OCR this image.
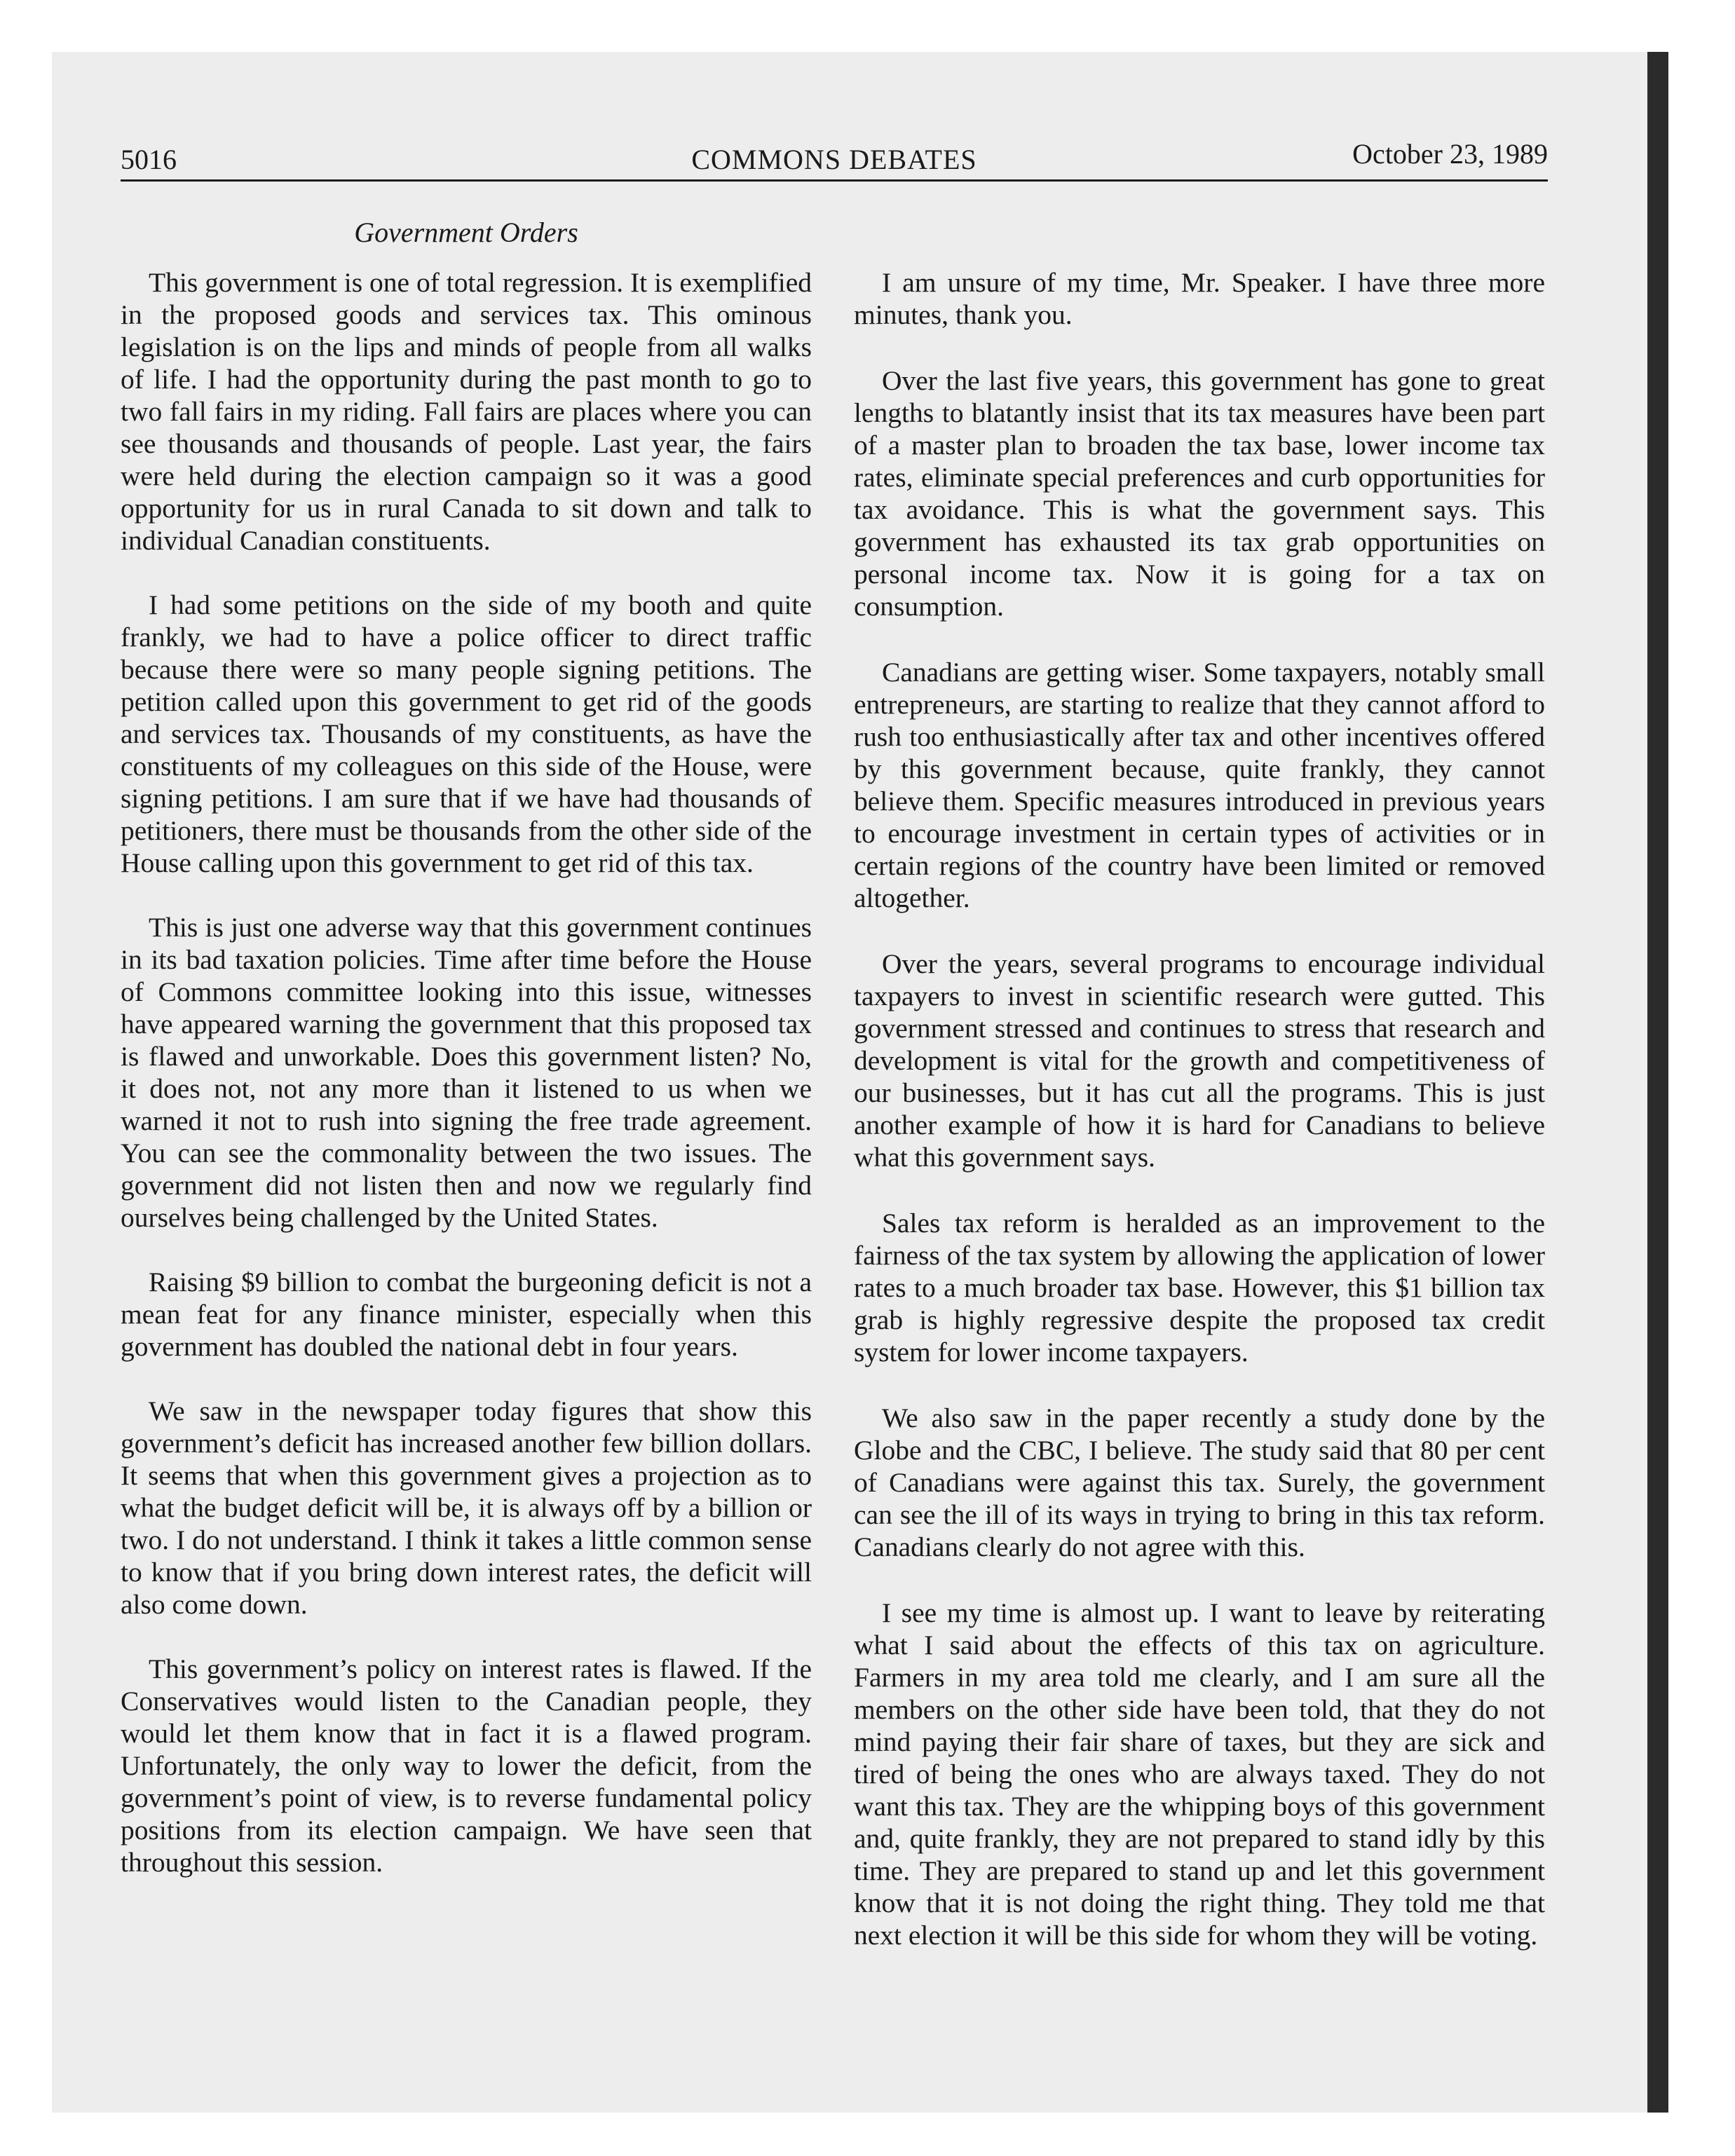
5016	COMMONS DEBATES	October 23, 1989
Government Orders

This government is one of total regression. It is exemplified in the proposed goods and services tax. This ominous legislation is on the lips and minds of people from all walks of life. I had the opportunity during the past month to go to two fall fairs in my riding. Fall fairs are places where you can see thousands and thousands of people. Last year, the fairs were held during the election campaign so it was a good opportunity for us in rural Canada to sit down and talk to individual Canadian constituents.

I had some petitions on the side of my booth and quite frankly, we had to have a police officer to direct traffic because there were so many people signing petitions. The petition called upon this government to get rid of the goods and services tax. Thousands of my constituents, as have the constituents of my colleagues on this side of the House, were signing petitions. I am sure that if we have had thousands of petitioners, there must be thousands from the other side of the House calling upon this government to get rid of this tax.

This is just one adverse way that this government continues in its bad taxation policies. Time after time before the House of Commons committee looking into this issue, witnesses have appeared warning the government that this proposed tax is flawed and unworkable. Does this government listen? No, it does not, not any more than it listened to us when we warned it not to rush into signing the free trade agreement. You can see the commonality between the two issues. The government did not listen then and now we regularly find ourselves being challenged by the United States.

Raising $9 billion to combat the burgeoning deficit is not a mean feat for any finance minister, especially when this government has doubled the national debt in four years.

We saw in the newspaper today figures that show this government’s deficit has increased another few billion dollars. It seems that when this government gives a projection as to what the budget deficit will be, it is always off by a billion or two. I do not understand. I think it takes a little common sense to know that if you bring down interest rates, the deficit will also come down.

This government’s policy on interest rates is flawed. If the Conservatives would listen to the Canadian people, they would let them know that in fact it is a flawed program. Unfortunately, the only way to lower the deficit, from the government’s point of view, is to reverse fundamental policy positions from its election campaign. We have seen that throughout this session.

I am unsure of my time, Mr. Speaker. I have three more minutes, thank you.

Over the last five years, this government has gone to great lengths to blatantly insist that its tax measures have been part of a master plan to broaden the tax base, lower income tax rates, eliminate special preferences and curb opportunities for tax avoidance. This is what the government says. This government has exhausted its tax grab opportunities on personal income tax. Now it is going for a tax on consumption.

Canadians are getting wiser. Some taxpayers, notably small entrepreneurs, are starting to realize that they cannot afford to rush too enthusiastically after tax and other incentives offered by this government because, quite frankly, they cannot believe them. Specific measures introduced in previous years to encourage investment in certain types of activities or in certain regions of the country have been limited or removed altogether.

Over the years, several programs to encourage individual taxpayers to invest in scientific research were gutted. This government stressed and continues to stress that research and development is vital for the growth and competitiveness of our businesses, but it has cut all the programs. This is just another example of how it is hard for Canadians to believe what this government says.

Sales tax reform is heralded as an improvement to the fairness of the tax system by allowing the application of lower rates to a much broader tax base. However, this $1 billion tax grab is highly regressive despite the proposed tax credit system for lower income taxpayers.

We also saw in the paper recently a study done by the Globe and the CBC, I believe. The study said that 80 per cent of Canadians were against this tax. Surely, the government can see the ill of its ways in trying to bring in this tax reform. Canadians clearly do not agree with this.

I see my time is almost up. I want to leave by reiterating what I said about the effects of this tax on agriculture. Farmers in my area told me clearly, and I am sure all the members on the other side have been told, that they do not mind paying their fair share of taxes, but they are sick and tired of being the ones who are always taxed. They do not want this tax. They are the whipping boys of this government and, quite frankly, they are not prepared to stand idly by this time. They are prepared to stand up and let this government know that it is not doing the right thing. They told me that next election it will be this side for whom they will be voting.
